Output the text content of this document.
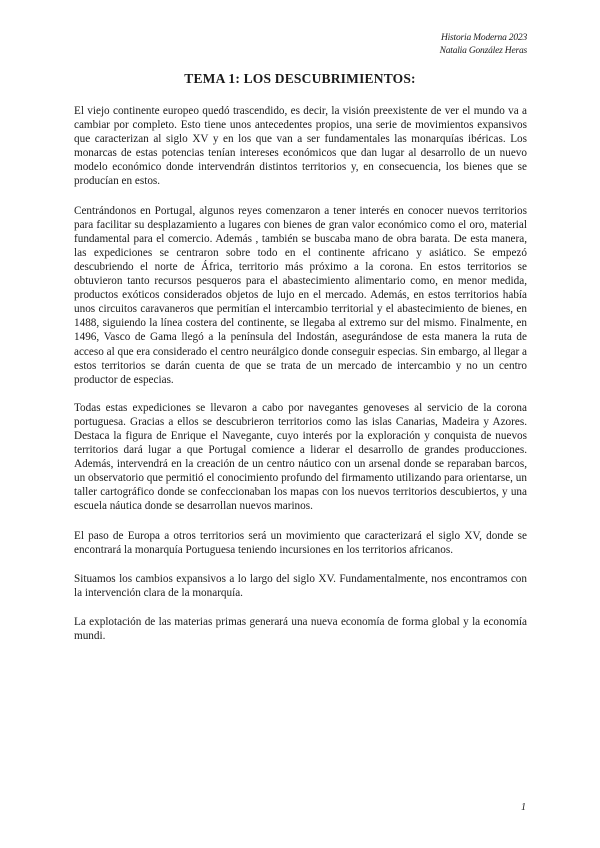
Historia Moderna 2023
Natalia González Heras
TEMA 1: LOS DESCUBRIMIENTOS:

El viejo continente europeo quedó trascendido, es decir, la visión preexistente de ver el mundo va a cambiar por completo. Esto tiene unos antecedentes propios, una serie de movimientos expansivos que caracterizan al siglo XV y en los que van a ser fundamentales las monarquías ibéricas. Los monarcas de estas potencias tenían intereses económicos que dan lugar al desarrollo de un nuevo modelo económico donde intervendrán distintos territorios y, en consecuencia, los bienes que se producían en estos.

Centrándonos en Portugal, algunos reyes comenzaron a tener interés en conocer nuevos territorios para facilitar su desplazamiento a lugares con bienes de gran valor económico como el oro, material fundamental para el comercio. Además , también se buscaba mano de obra barata. De esta manera, las expediciones se centraron sobre todo en el continente africano y asiático. Se empezó descubriendo el norte de África, territorio más próximo a la corona. En estos territorios se obtuvieron tanto recursos pesqueros para el abastecimiento alimentario como, en menor medida, productos exóticos considerados objetos de lujo en el mercado. Además, en estos territorios había unos circuitos caravaneros que permitían el intercambio territorial y el abastecimiento de bienes, en 1488, siguiendo la línea costera del continente, se llegaba al extremo sur del mismo. Finalmente, en 1496, Vasco de Gama llegó a la península del Indostán, asegurándose de esta manera la ruta de acceso al que era considerado el centro neurálgico donde conseguir especias. Sin embargo, al llegar a estos territorios se darán cuenta de que se trata de un mercado de intercambio y no un centro productor de especias.

Todas estas expediciones se llevaron a cabo por navegantes genoveses al servicio de la corona portuguesa. Gracias a ellos se descubrieron territorios como las islas Canarias, Madeira y Azores. Destaca la figura de Enrique el Navegante, cuyo interés por la exploración y conquista de nuevos territorios dará lugar a que Portugal comience a liderar el desarrollo de grandes producciones. Además, intervendrá en la creación de un centro náutico con un arsenal donde se reparaban barcos, un observatorio que permitió el conocimiento profundo del firmamento utilizando para orientarse, un taller cartográfico donde se confeccionaban los mapas con los nuevos territorios descubiertos, y una escuela náutica donde se desarrollan nuevos marinos.

El paso de Europa a otros territorios será un movimiento que caracterizará el siglo XV, donde se encontrará la monarquía Portuguesa teniendo incursiones en los territorios africanos.

Situamos los cambios expansivos a lo largo del siglo XV. Fundamentalmente, nos encontramos con la intervención clara de la monarquía.

La explotación de las materias primas generará una nueva economía de forma global y la economía mundi.

1
